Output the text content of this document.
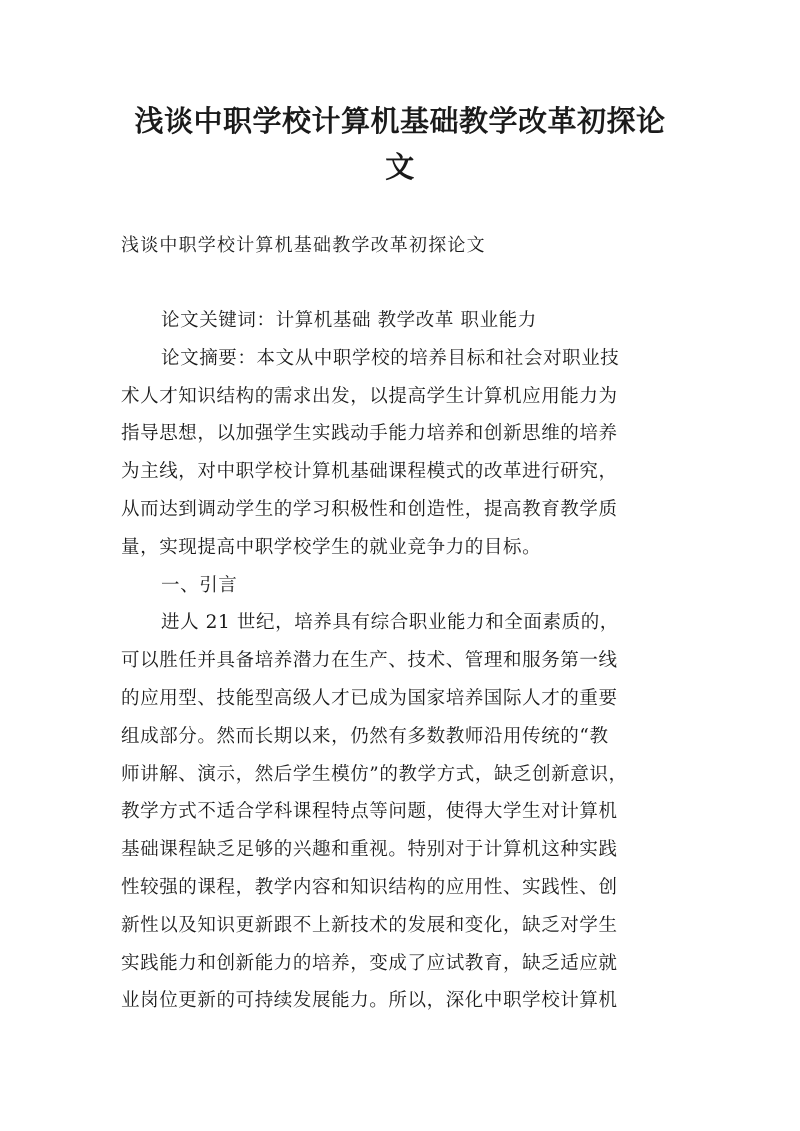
浅谈中职学校计算机基础教学改革初探论
文
浅谈中职学校计算机基础教学改革初探论文
论文关键词：计算机基础 教学改革 职业能力
论文摘要：本文从中职学校的培养目标和社会对职业技
术人才知识结构的需求出发，以提高学生计算机应用能力为
指导思想，以加强学生实践动手能力培养和创新思维的培养
为主线，对中职学校计算机基础课程模式的改革进行研究，
从而达到调动学生的学习积极性和创造性，提高教育教学质
量，实现提高中职学校学生的就业竞争力的目标。
一、引言
进人 21 世纪，培养具有综合职业能力和全面素质的，
可以胜任并具备培养潜力在生产、技术、管理和服务第一线
的应用型、技能型高级人才已成为国家培养国际人才的重要
组成部分。然而长期以来，仍然有多数教师沿用传统的“教
师讲解、演示，然后学生模仿”的教学方式，缺乏创新意识，
教学方式不适合学科课程特点等问题，使得大学生对计算机
基础课程缺乏足够的兴趣和重视。特别对于计算机这种实践
性较强的课程，教学内容和知识结构的应用性、实践性、创
新性以及知识更新跟不上新技术的发展和变化，缺乏对学生
实践能力和创新能力的培养，变成了应试教育，缺乏适应就
业岗位更新的可持续发展能力。所以，深化中职学校计算机
